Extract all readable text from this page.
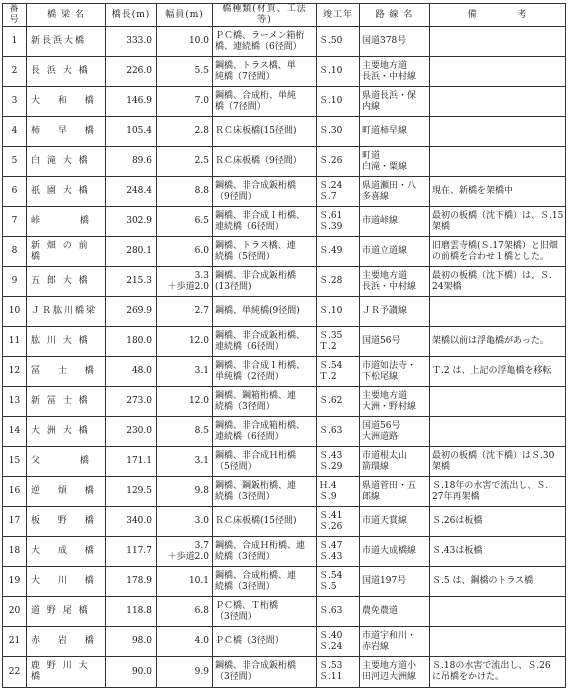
番号	橋 梁 名	橋長(m)	幅員(m)	橋種類(材質、工法等)	竣工年	路 線 名	備　　　　考
1	新長浜大橋	333.0	10.0	ＰＣ橋、ラーメン箱桁
橋、連続橋（6径間）	Ｓ.50	国道378号	

2	長 浜 大 橋	226.0	5.5	鋼橋、トラス橋、単
純橋（7径間）	Ｓ.10	主要地方道
長浜・中村線	

3	大　 和 　橋	146.9	7.0	鋼橋、合成桁、単純
橋（7径間）	Ｓ.10	県道長浜・保
内線	

4	柿　 早 　橋	105.4	2.8	ＲＣ床板橋(15径間)	Ｓ.30	町道柿早線	

5	白 滝 大 橋	89.6	2.5	ＲＣ床板橋（9径間）	Ｓ.26	町道
白滝・粟線	

6	祇 園 大 橋	248.4	8.8	鋼橋、非合成鈑桁橋
（9径間）	Ｓ.24
Ｓ.7	県道瀬田・八
多喜線	現在、新橋を架橋中

7	峠　　　 橋	302.9	6.5	鋼橋、非合成Ｉ桁橋、
連続橋（6径間）	Ｓ.61
Ｓ.39	市道峠線	最初の板橋（沈下橋）は、Ｓ.15
架橋

8	新 畑 の 前 橋	280.1	6.0	鋼橋、トラス橋、連
続橋（5径間）	Ｓ.49	市道立道線	旧磨雲寺橋(Ｓ.17架橋）と旧畑
の前橋を合わせ１橋とした。

9	五 郎 大 橋	215.3	3.3
＋歩道2.0	鋼橋、非合成鈑桁橋
(13径間)	Ｓ.28	主要地方道
長浜・中村線	最初の板橋（沈下橋）は、Ｓ.
24架橋

10	ＪＲ肱川橋梁	269.9	2.7	鋼橋、単純橋(9径間)	Ｓ.10	ＪＲ予讃線	

11	肱 川 大 橋	180.0	12.0	鋼橋、非合成鈑桁橋、
連続橋（6径間）	Ｓ.35
Ｔ.2	国道56号	架橋以前は浮亀橋があった。

12	冨　 士 　橋	48.0	3.1	鋼橋、非合成Ｉ桁橋、
単純橋（2径間）	Ｓ.54
Ｔ.2	市道如法寺・
下松尾線	Ｔ.2 は、上記の浮亀橋を移転

13	新 冨 士 橋	273.0	12.0	鋼橋、鋼箱桁橋、連
続橋（3径間）	Ｓ.62	主要地方道
大洲・野村線	

14	大 洲 大 橋	230.0	8.5	鋼橋、非合成箱桁橋、
連続橋（6径間）	Ｓ.63	国道56号
大洲道路	

15	父　　　 橋	171.1	3.1	鋼橋、非合成Ｈ桁橋
（5径間）	Ｓ.43
Ｓ.29	市道根太山
箭環線	最初の板橋（沈下橋）はＳ.30
架橋

16	逆　 熕 　橋	129.5	9.8	鋼橋、鋼鈑桁橋、連
続橋（3径間）	Ｈ.4
Ｓ.9	県道菅田・五
郎線	Ｓ.18年の水害で流出し、Ｓ.
27年再架橋

17	板　 野 　橋	340.0	3.0	ＲＣ床板橋(15径間)	Ｓ.41
Ｓ.26	市道天賞線	Ｓ.26は板橋

18	大　 成 　橋	117.7	3.7
＋歩道2.0	鋼橋、合成Ｈ桁橋、連
続橋（3径間）	Ｓ.47
Ｓ.43	市道大成橋線	Ｓ.43は板橋

19	大　 川 　橋	178.9	10.1	鋼橋、合成桁橋、連
続橋（3径間）	Ｓ.54
Ｓ.5	国道197号	Ｓ.5 は、鋼橋のトラス橋

20	道 野 尾 橋	118.8	6.8	ＰＣ橋、Ｔ桁橋
（3径間）	Ｓ.63	農免農道	

21	赤　 岩 　橋	98.0	4.0	ＰＣ橋（3径間）	Ｓ.40
Ｓ.24	市道宇和川・
赤岩線	

22	鹿 野 川 大 橋	90.0	9.9	鋼橋、非合成鈑桁橋
（3径間）	Ｓ.53
Ｓ.11	主要地方道小
田河辺大洲線	Ｓ.18の水害で流出し、Ｓ.26
に吊橋をかけた。
